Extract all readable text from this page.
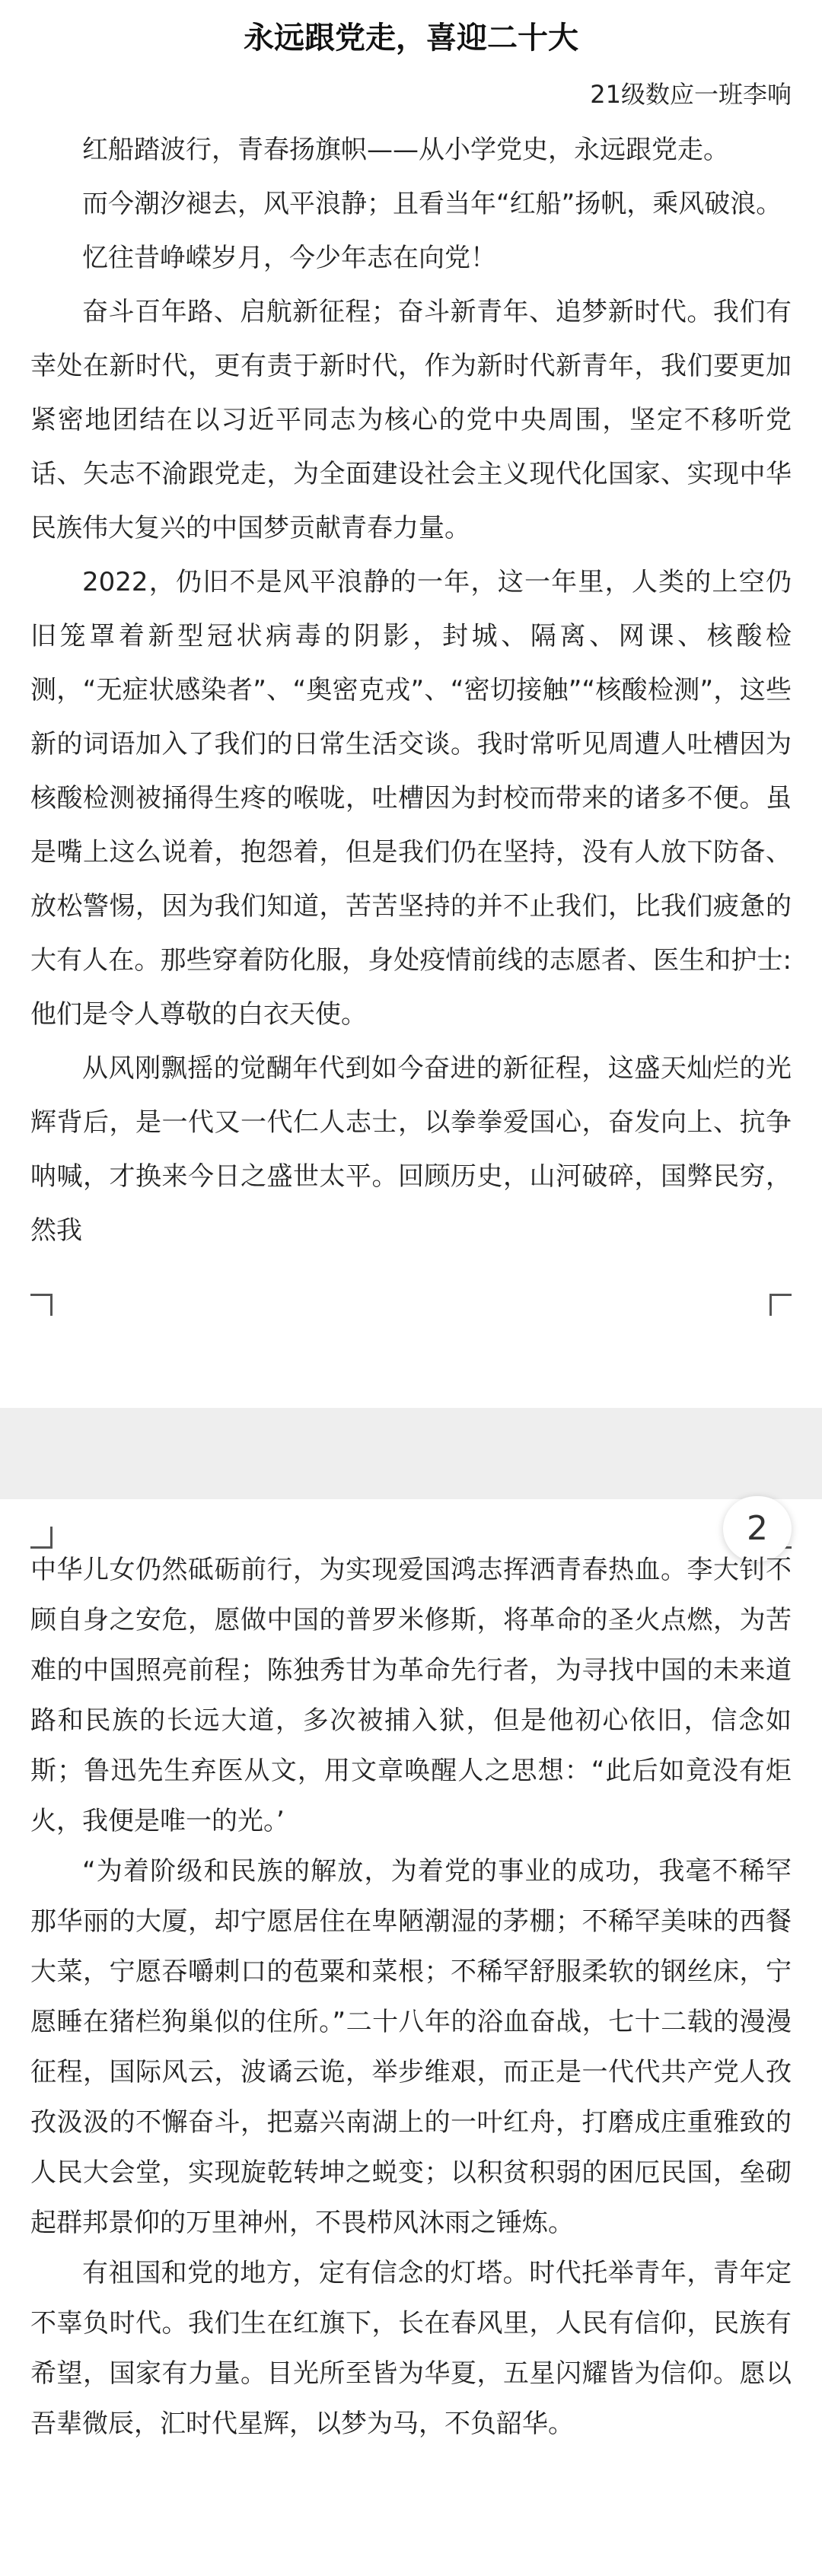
永远跟党走，喜迎二十大
21级数应一班李响

红船踏波行，青春扬旗帜——从小学党史，永远跟党走。

而今潮汐褪去，风平浪静；且看当年“红船”扬帆，乘风破浪。

忆往昔峥嵘岁月，今少年志在向党！

奋斗百年路、启航新征程；奋斗新青年、追梦新时代。我们有幸处在新时代，更有责于新时代，作为新时代新青年，我们要更加紧密地团结在以习近平同志为核心的党中央周围，坚定不移听党话、矢志不渝跟党走，为全面建设社会主义现代化国家、实现中华民族伟大复兴的中国梦贡献青春力量。

2022，仍旧不是风平浪静的一年，这一年里，人类的上空仍旧笼罩着新型冠状病毒的阴影，封城、隔离、网课、核酸检测，“无症状感染者”、“奥密克戎”、“密切接触”“核酸检测”，这些新的词语加入了我们的日常生活交谈。我时常听见周遭人吐槽因为核酸检测被捅得生疼的喉咙，吐槽因为封校而带来的诸多不便。虽是嘴上这么说着，抱怨着，但是我们仍在坚持，没有人放下防备、放松警惕，因为我们知道，苦苦坚持的并不止我们，比我们疲惫的大有人在。那些穿着防化服，身处疫情前线的志愿者、医生和护士:他们是令人尊敬的白衣天使。

从风刚飘摇的觉醐年代到如今奋进的新征程，这盛天灿烂的光辉背后，是一代又一代仁人志士，以拳拳爱国心，奋发向上、抗争呐喊，才换来今日之盛世太平。回顾历史，山河破碎，国弊民穷，然我

2

中华儿女仍然砥砺前行，为实现爱国鸿志挥洒青春热血。李大钊不顾自身之安危，愿做中国的普罗米修斯，将革命的圣火点燃，为苦难的中国照亮前程；陈独秀甘为革命先行者，为寻找中国的未来道路和民族的长远大道，多次被捕入狱，但是他初心依旧，信念如斯；鲁迅先生弃医从文，用文章唤醒人之思想：“此后如竟没有炬火，我便是唯一的光。’

“为着阶级和民族的解放，为着党的事业的成功，我毫不稀罕那华丽的大厦，却宁愿居住在卑陋潮湿的茅棚；不稀罕美味的西餐大菜，宁愿吞嚼刺口的苞粟和菜根；不稀罕舒服柔软的钢丝床，宁愿睡在猪栏狗巢似的住所。”二十八年的浴血奋战，七十二载的漫漫征程，国际风云，波谲云诡，举步维艰，而正是一代代共产党人孜孜汲汲的不懈奋斗，把嘉兴南湖上的一叶红舟，打磨成庄重雅致的人民大会堂，实现旋乾转坤之蜕变；以积贫积弱的困厄民国，垒砌起群邦景仰的万里神州，不畏栉风沐雨之锤炼。

有祖国和党的地方，定有信念的灯塔。时代托举青年，青年定不辜负时代。我们生在红旗下，长在春风里，人民有信仰，民族有希望，国家有力量。目光所至皆为华夏，五星闪耀皆为信仰。愿以吾辈微辰，汇时代星辉，以梦为马，不负韶华。
